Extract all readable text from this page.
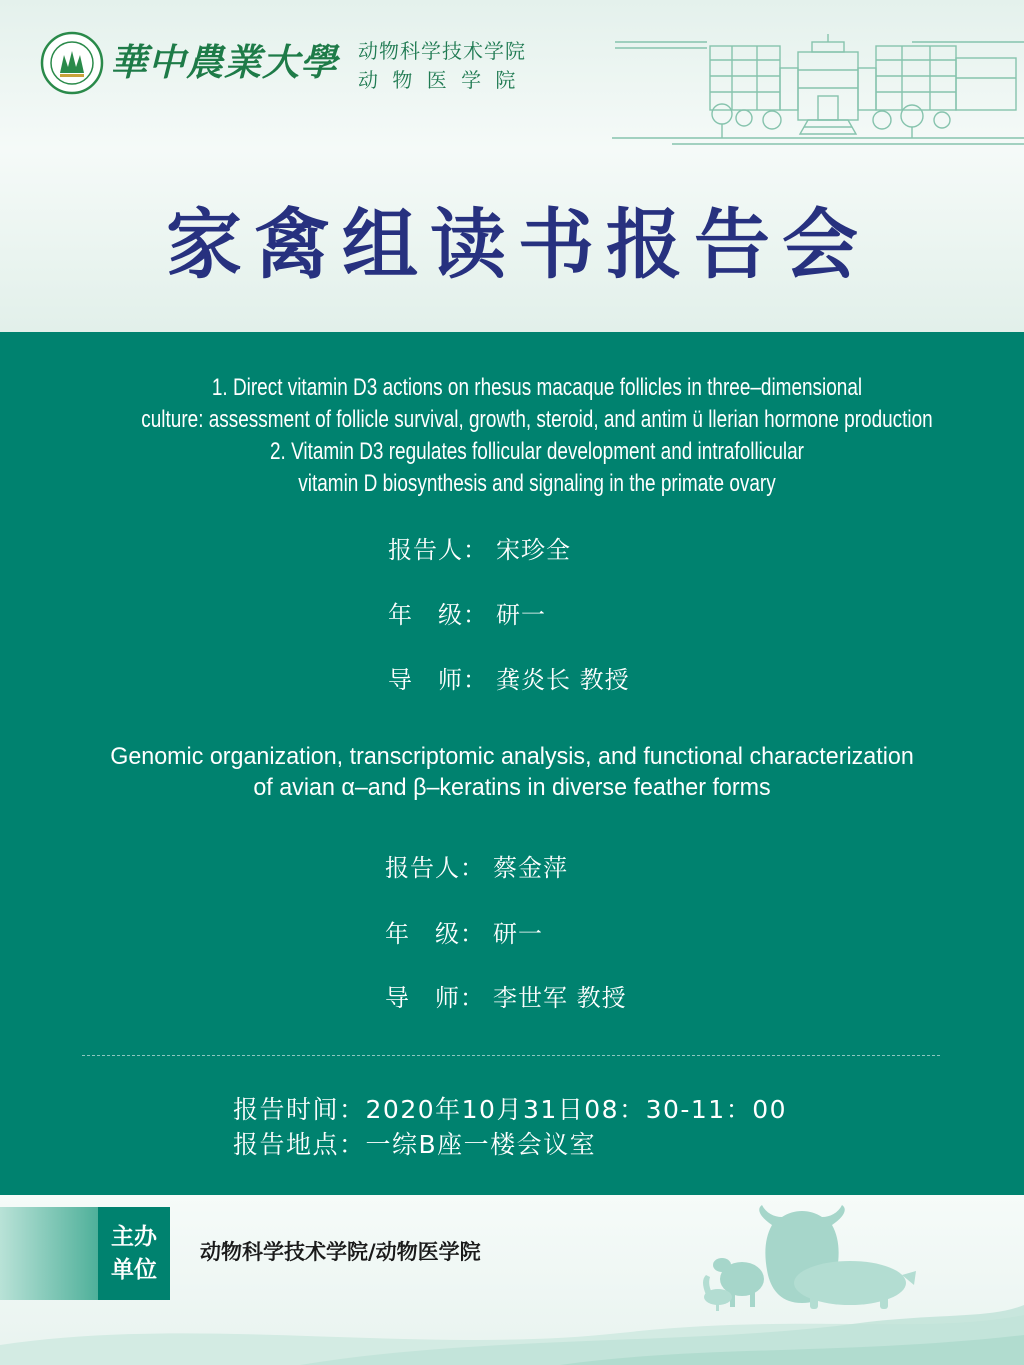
華中農業大學 动物科学技术学院
动 物 医 学 院
家禽组读书报告会
1. Direct vitamin D3 actions on rhesus macaque follicles in three–dimensional
culture: assessment of follicle survival, growth, steroid, and antim ü llerian hormone production
2. Vitamin D3 regulates follicular development and intrafollicular
vitamin D biosynthesis and signaling in the primate ovary
报告人： 宋珍全
年　级： 研一
导　师： 龚炎长 教授
Genomic organization, transcriptomic analysis, and functional characterization
of avian α–and β–keratins in diverse feather forms
报告人： 蔡金萍
年　级： 研一
导　师： 李世军 教授
报告时间：2020年10月31日08：30-11：00
报告地点：一综B座一楼会议室
主办
单位
动物科学技术学院/动物医学院
